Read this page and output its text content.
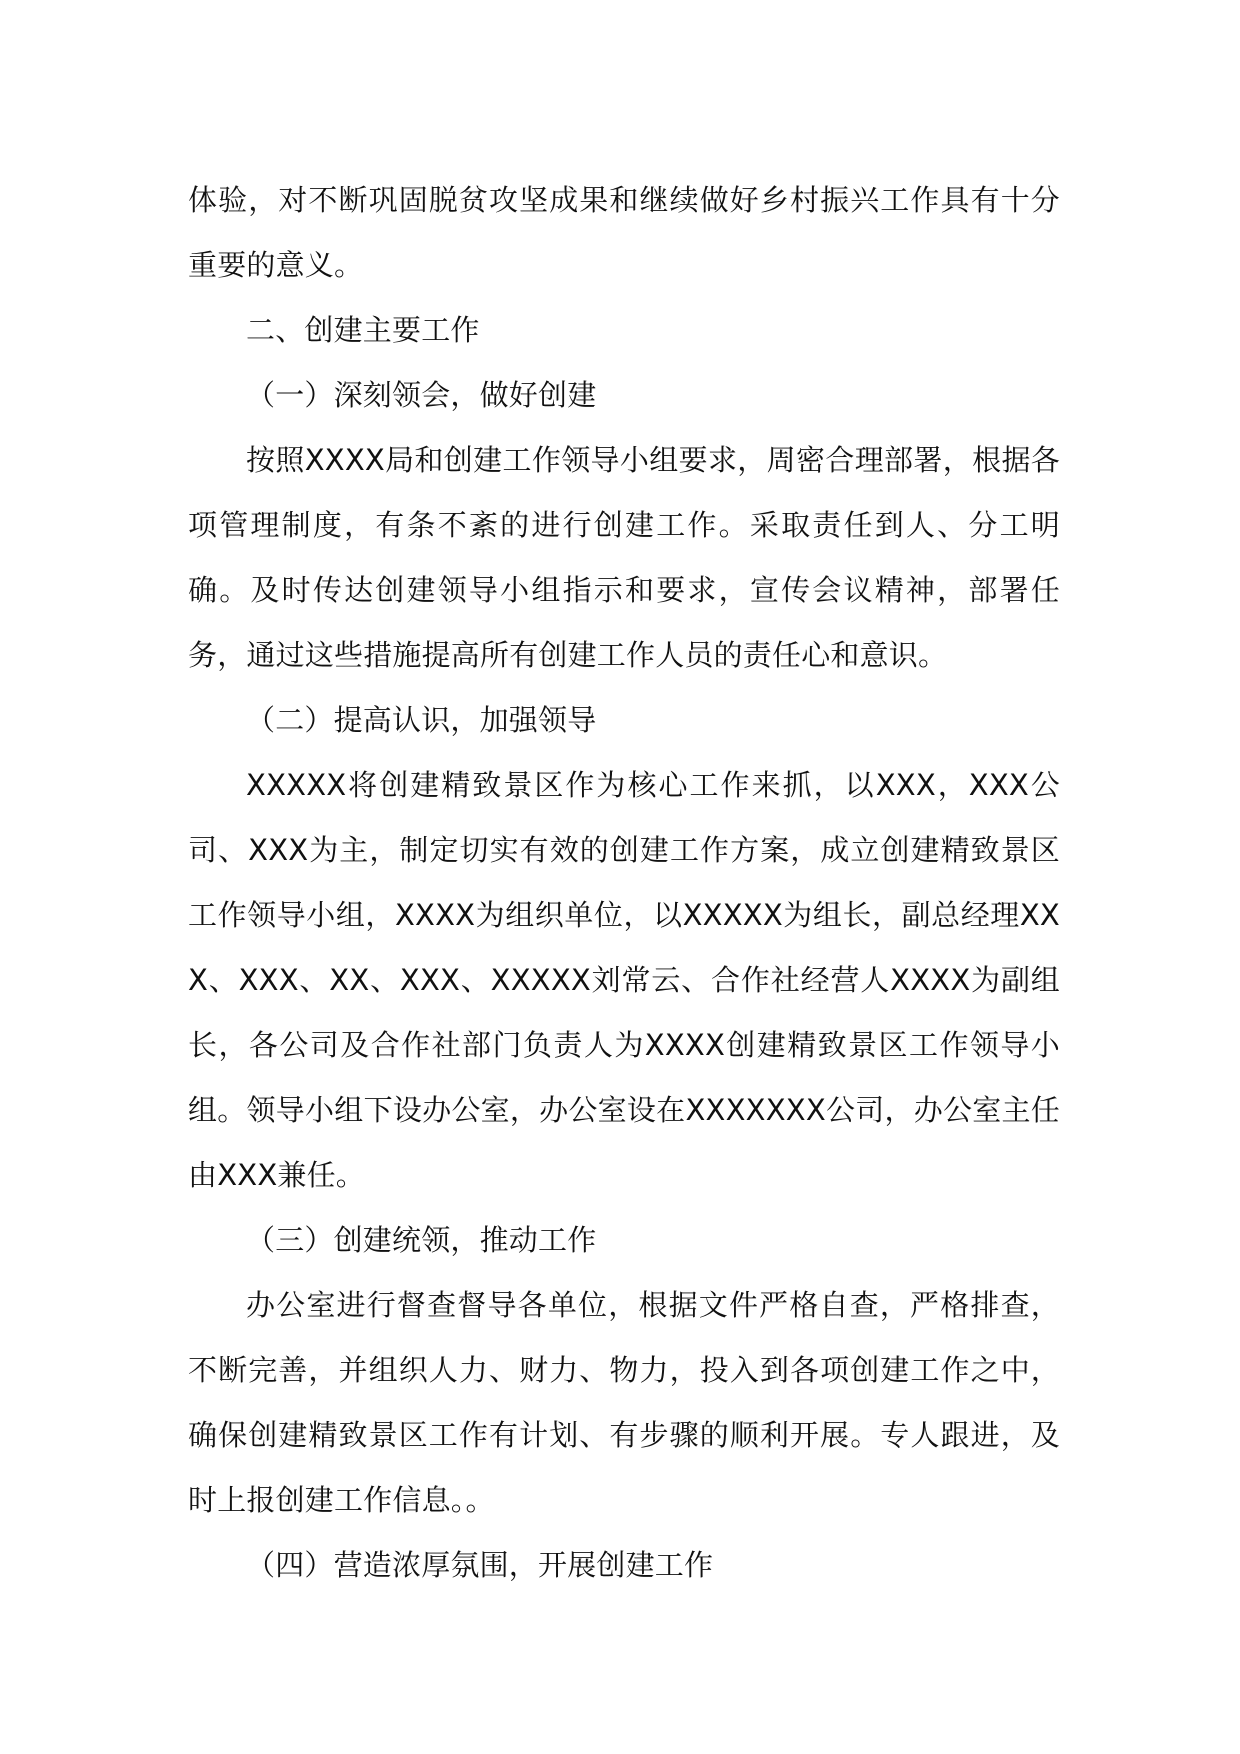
体验，对不断巩固脱贫攻坚成果和继续做好乡村振兴工作具有十分重要的意义。

二、创建主要工作

（一）深刻领会，做好创建

按照XXXX局和创建工作领导小组要求，周密合理部署，根据各项管理制度，有条不紊的进行创建工作。采取责任到人、分工明确。及时传达创建领导小组指示和要求，宣传会议精神，部署任务，通过这些措施提高所有创建工作人员的责任心和意识。

（二）提高认识，加强领导

XXXXX将创建精致景区作为核心工作来抓，以XXX，XXX公司、XXX为主，制定切实有效的创建工作方案，成立创建精致景区工作领导小组，XXXX为组织单位，以XXXXX为组长，副总经理XXX、XXX、XX、XXX、XXXXX刘常云、合作社经营人XXXX为副组长，各公司及合作社部门负责人为XXXX创建精致景区工作领导小组。领导小组下设办公室，办公室设在XXXXXXX公司，办公室主任由XXX兼任。

（三）创建统领，推动工作

办公室进行督查督导各单位，根据文件严格自查，严格排查，不断完善，并组织人力、财力、物力，投入到各项创建工作之中，确保创建精致景区工作有计划、有步骤的顺利开展。专人跟进，及时上报创建工作信息。。

（四）营造浓厚氛围，开展创建工作
